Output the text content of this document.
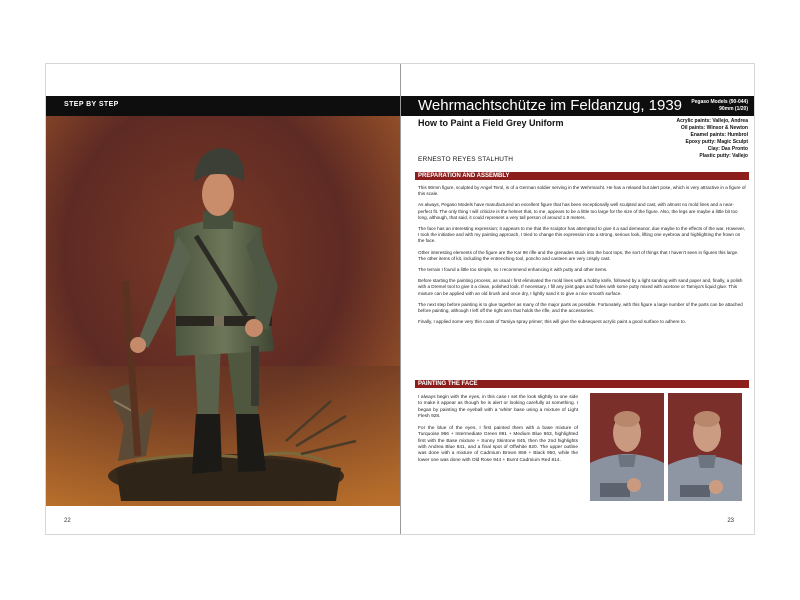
STEP BY STEP
22
Wehrmachtschütze im Feldanzug, 1939 Pegaso Models (90-044)
90mm (1/20)
How to Paint a Field Grey Uniform	Acrylic paints: Vallejo, Andrea
Oil paints: Winsor & Newton
Enamel paints: Humbrol
Epoxy putty: Magic Sculpt
Clay: Das Pronto
Plastic putty: Vallejo
ERNESTO REYES STALHUTH
PREPARATION AND ASSEMBLY

This 90mm figure, sculpted by Angel Terol, is of a German soldier serving in the Wehrmacht. He has a relaxed but alert pose, which is very attractive in a figure of this scale.

As always, Pegaso Models have manufactured an excellent figure that has been exceptionally well sculpted and cast, with almost no mold lines and a near-perfect fit. The only thing I will criticize is the helmet that, to me, appears to be a little too large for the size of the figure. Also, the legs are maybe a little bit too long, although, that said, it could represent a very tall person of around 1.9 meters.

The face has an interesting expression; it appears to me that the sculptor has attempted to give it a sad demeanor, due maybe to the effects of the war. However, I took the initiative and with my painting approach, I tried to change this expression into a strong, serious look, lifting one eyebrow and highlighting the frown on the face.

Other interesting elements of the figure are the Kar 98 rifle and the grenades stuck into the boot tops, the sort of things that I haven't seen in figures this large. The other items of kit, including the entrenching tool, poncho and canteen are very crisply cast.

The terrain I found a little too simple, so I recommend enhancing it with putty and other items.

Before starting the painting process, as usual I first eliminated the mold lines with a hobby knife, followed by a light sanding with sand paper and, finally, a polish with a Dremel tool to give it a clean, polished look. If necessary, I fill any joint gaps and holes with some putty mixed with acetone or Tamiya's liquid glue. This mixture can be applied with an old brush and once dry, I lightly sand it to give a nice smooth surface.

The next step before painting is to glue together as many of the major parts as possible. Fortunately, with this figure a large number of the parts can be attached before painting, although I left off the right arm that holds the rifle, and the accessories.

Finally, I applied some very thin coats of Tamiya spray primer; this will give the subsequent acrylic paint a good surface to adhere to.

PAINTING THE FACE

I always begin with the eyes, in this case I set the look slightly to one side to make it appear as though he is alert or looking carefully at something. I began by painting the eyeball with a 'white' base using a mixture of Light Flesh 928.

For the blue of the eyes, I first painted them with a base mixture of Turquoise 966 + Intermediate Green 891 + Medium Blue 963, highlighted first with the Base mixture + Sunny Skintone 845, then the 2nd highlights with Andrea Blue 841, and a final spot of Offwhite 820. The upper outline was done with a mixture of Cadmium Brown 859 + Black 950, while the lower one was done with Old Rose 944 + Burnt Cadmium Red 814.

23
